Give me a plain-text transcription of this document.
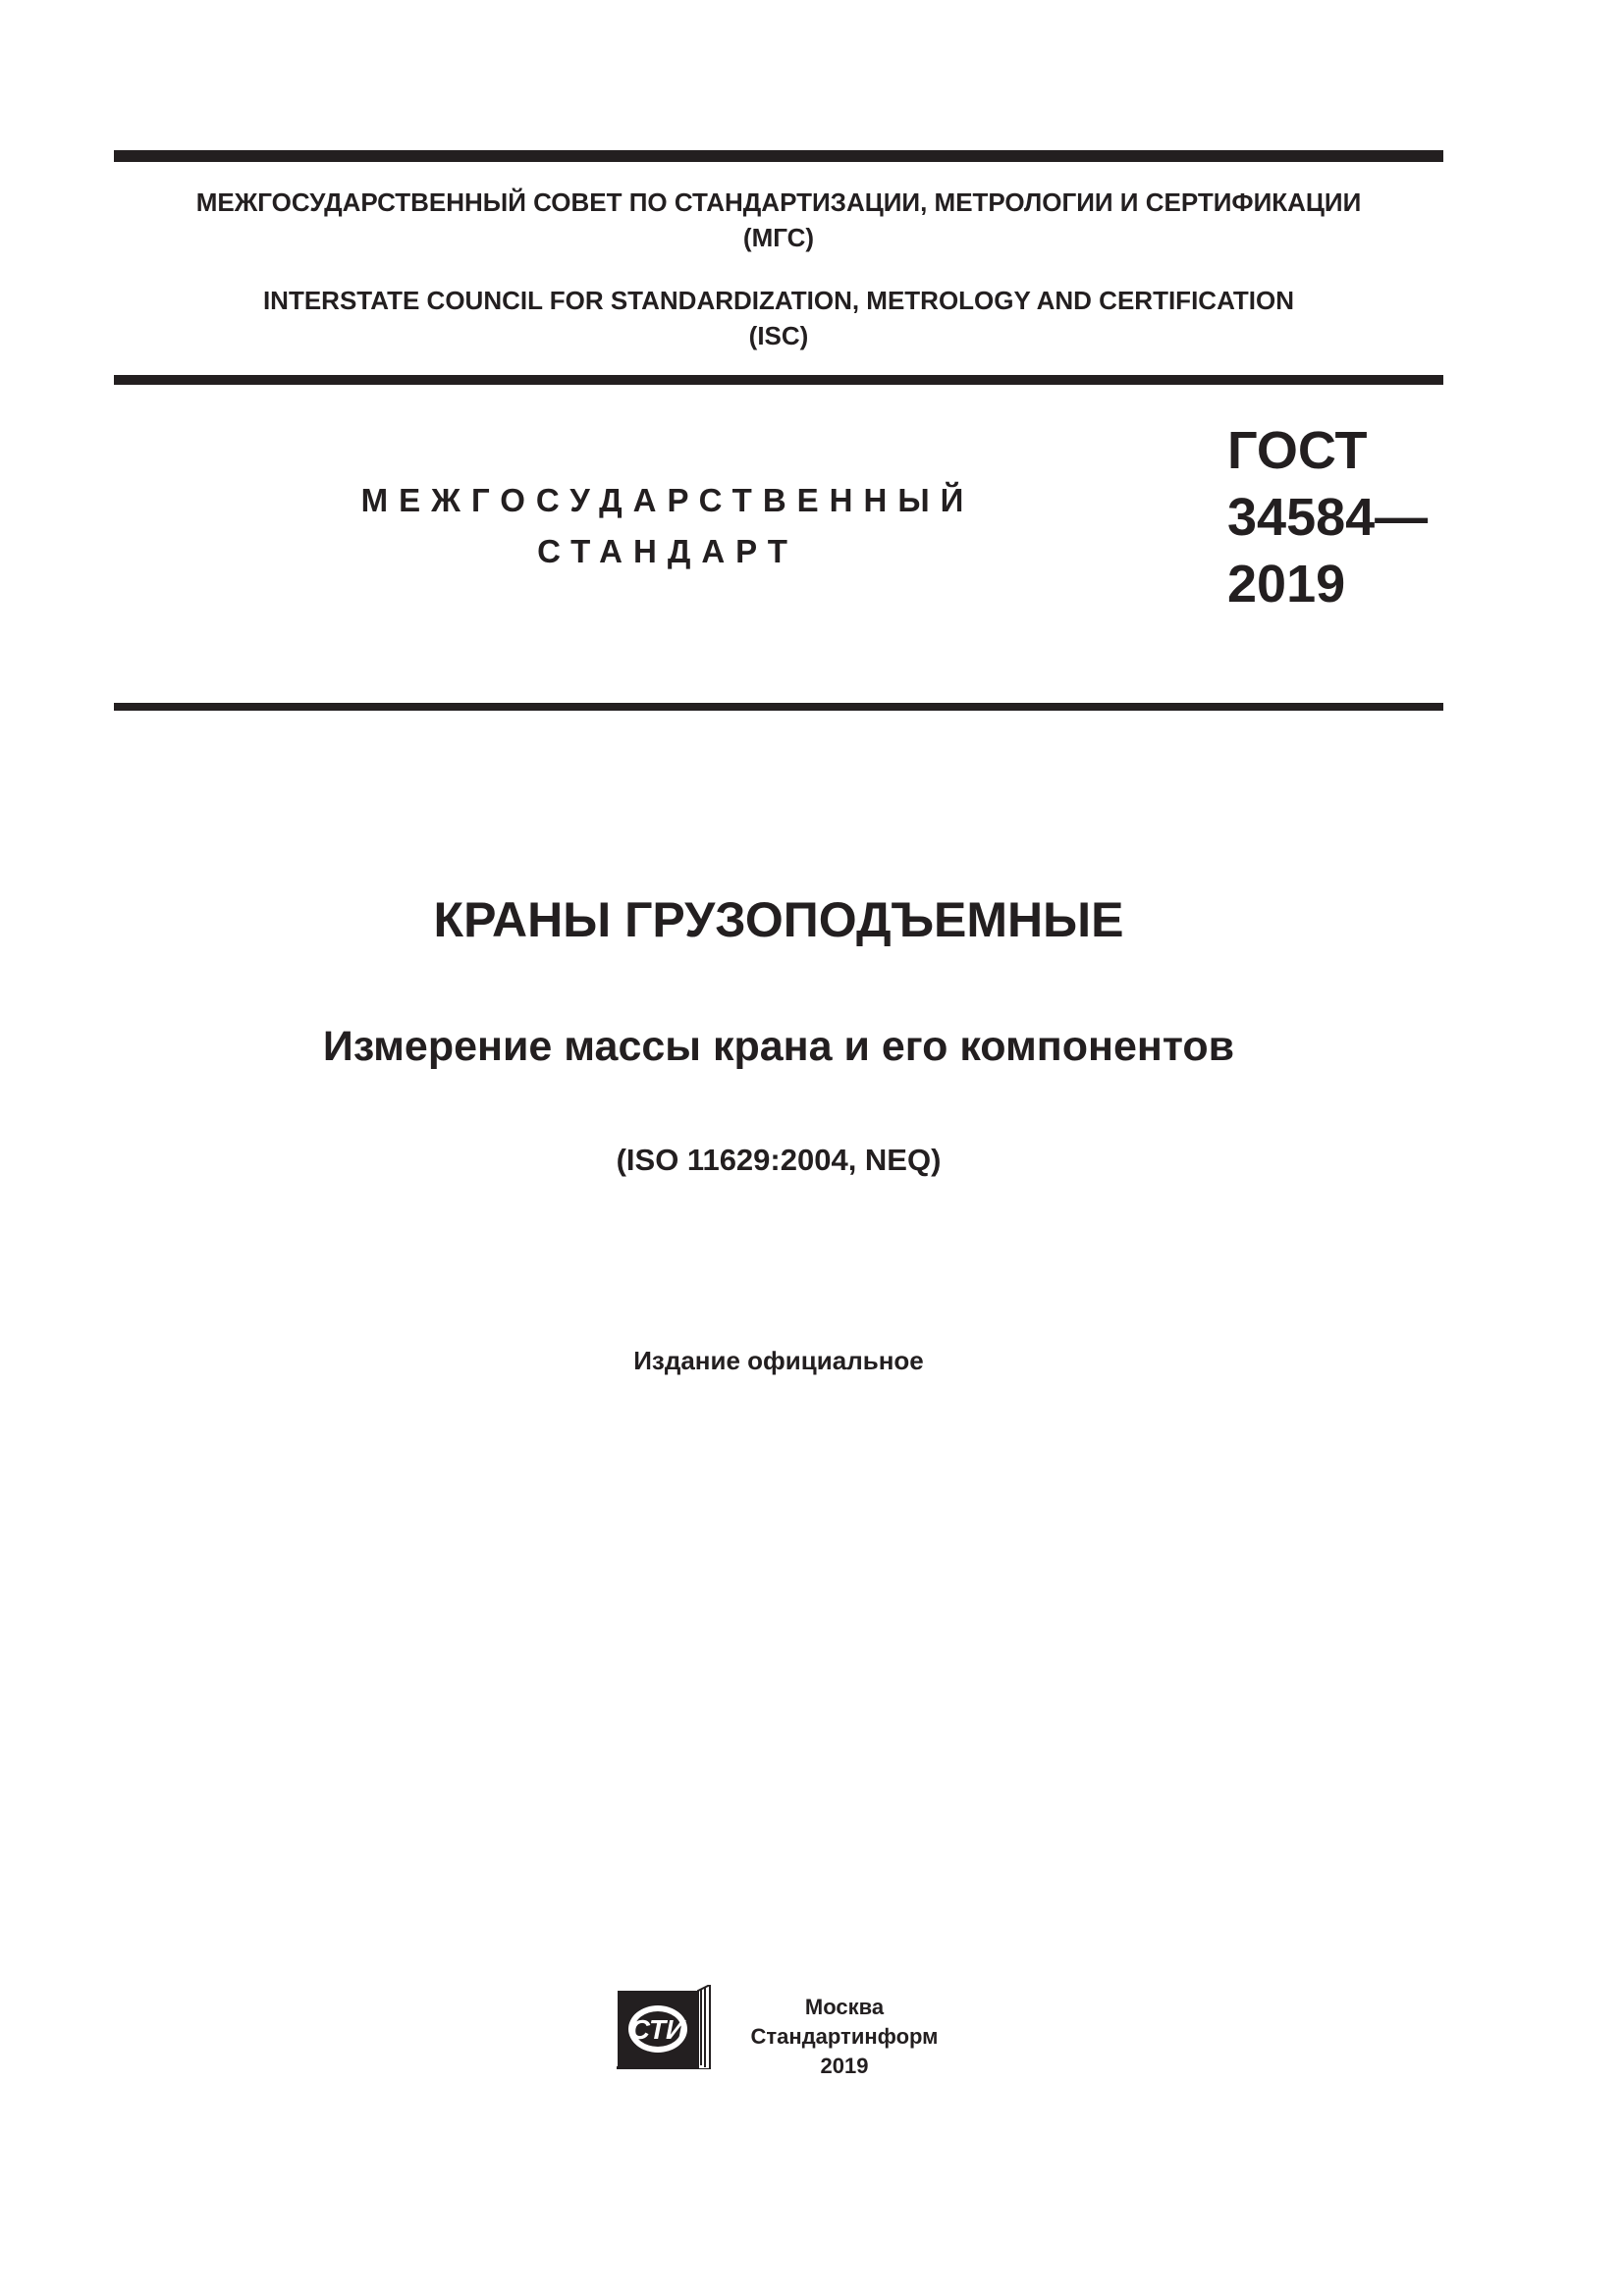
МЕЖГОСУДАРСТВЕННЫЙ СОВЕТ ПО СТАНДАРТИЗАЦИИ, МЕТРОЛОГИИ И СЕРТИФИКАЦИИ
(МГС)
INTERSTATE COUNCIL FOR STANDARDIZATION, METROLOGY AND CERTIFICATION
(ISC)
МЕЖГОСУДАРСТВЕННЫЙ
СТАНДАРТ
ГОСТ
34584—
2019
КРАНЫ ГРУЗОПОДЪЕМНЫЕ
Измерение массы крана и его компонентов
(ISO 11629:2004, NEQ)
Издание официальное
СТИ
Москва
Стандартинформ
2019
